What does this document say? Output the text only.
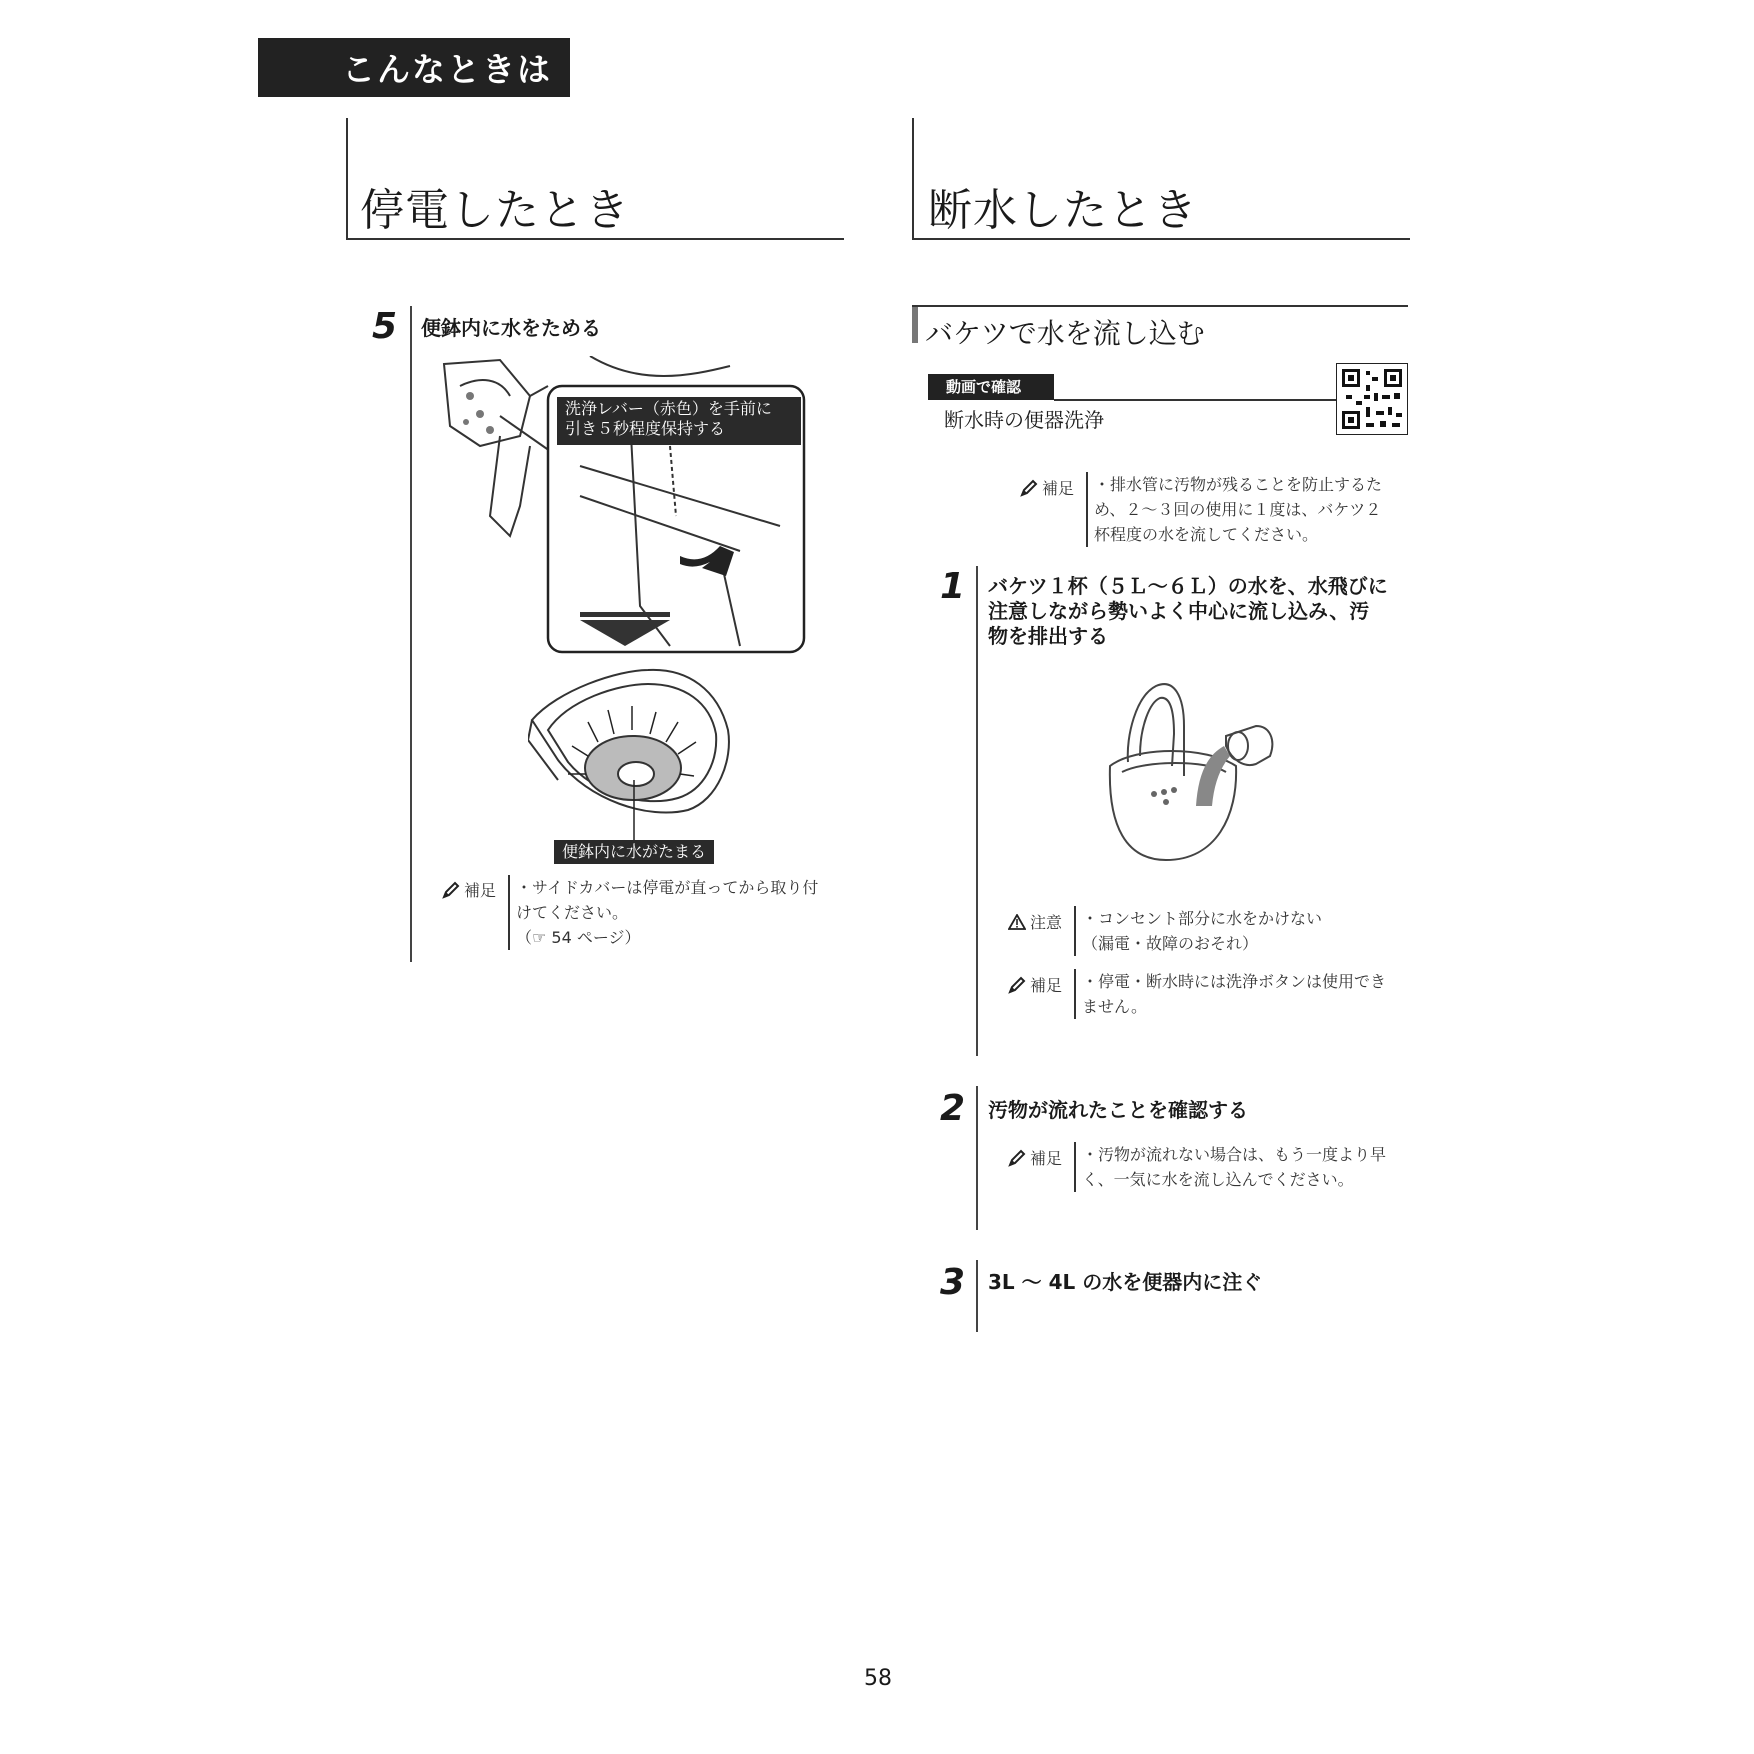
こんなときは
停電したとき
5 便鉢内に水をためる
洗浄レバー（赤色）を手前に
引き５秒程度保持する
便鉢内に水がたまる
補足	・サイドカバーは停電が直ってから取り付
けてください。
（☞ 54 ページ）
断水したとき
バケツで水を流し込む
動画で確認
断水時の便器洗浄
補足	・排水管に汚物が残ることを防止するた
め、２～３回の使用に１度は、バケツ２
杯程度の水を流してください。
1 バケツ１杯（５Ｌ～６Ｌ）の水を、水飛びに
注意しながら勢いよく中心に流し込み、汚
物を排出する
注意	・コンセント部分に水をかけない
（漏電・故障のおそれ）
補足	・停電・断水時には洗浄ボタンは使用でき
ません。
2 汚物が流れたことを確認する
補足	・汚物が流れない場合は、もう一度より早
く、一気に水を流し込んでください。
3 3L ～ 4L の水を便器内に注ぐ
58
